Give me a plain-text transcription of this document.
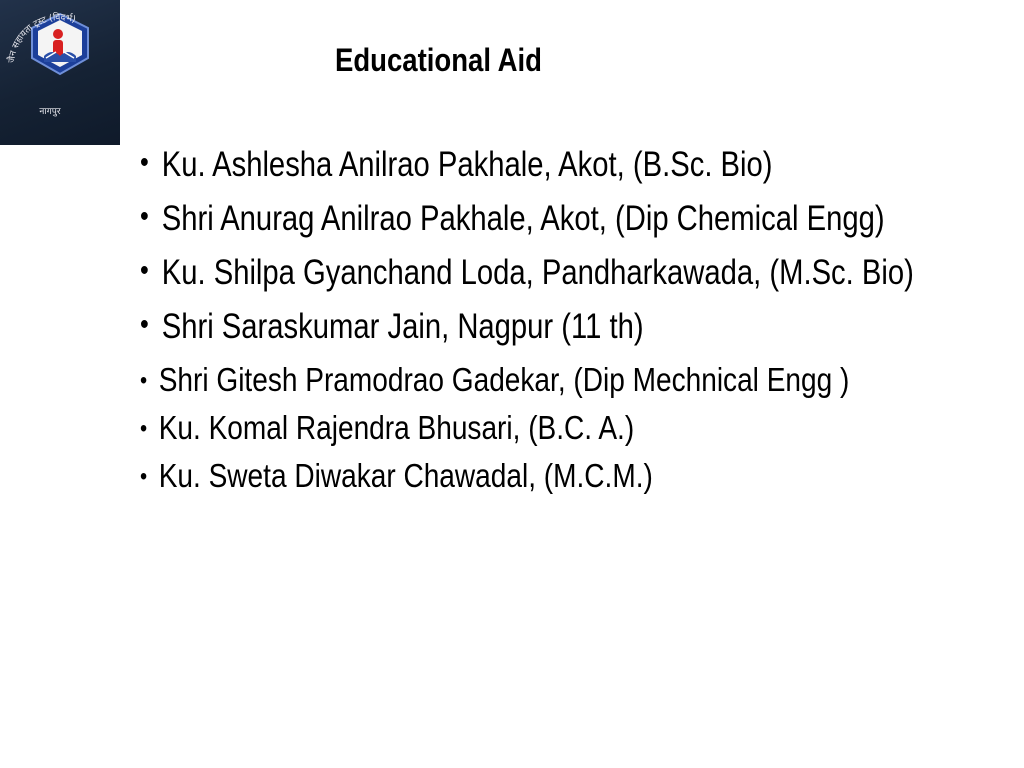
जैन सहायता ट्रस्ट (विदर्भ)
नागपुर
Educational Aid
• Ku. Ashlesha Anilrao Pakhale, Akot, (B.Sc. Bio)
• Shri Anurag Anilrao Pakhale, Akot, (Dip Chemical Engg)
• Ku. Shilpa Gyanchand Loda, Pandharkawada, (M.Sc. Bio)
• Shri Saraskumar Jain, Nagpur (11 th)
• Shri Gitesh Pramodrao Gadekar, (Dip Mechnical Engg )
• Ku. Komal Rajendra Bhusari, (B.C. A.)
• Ku. Sweta Diwakar Chawadal, (M.C.M.)
